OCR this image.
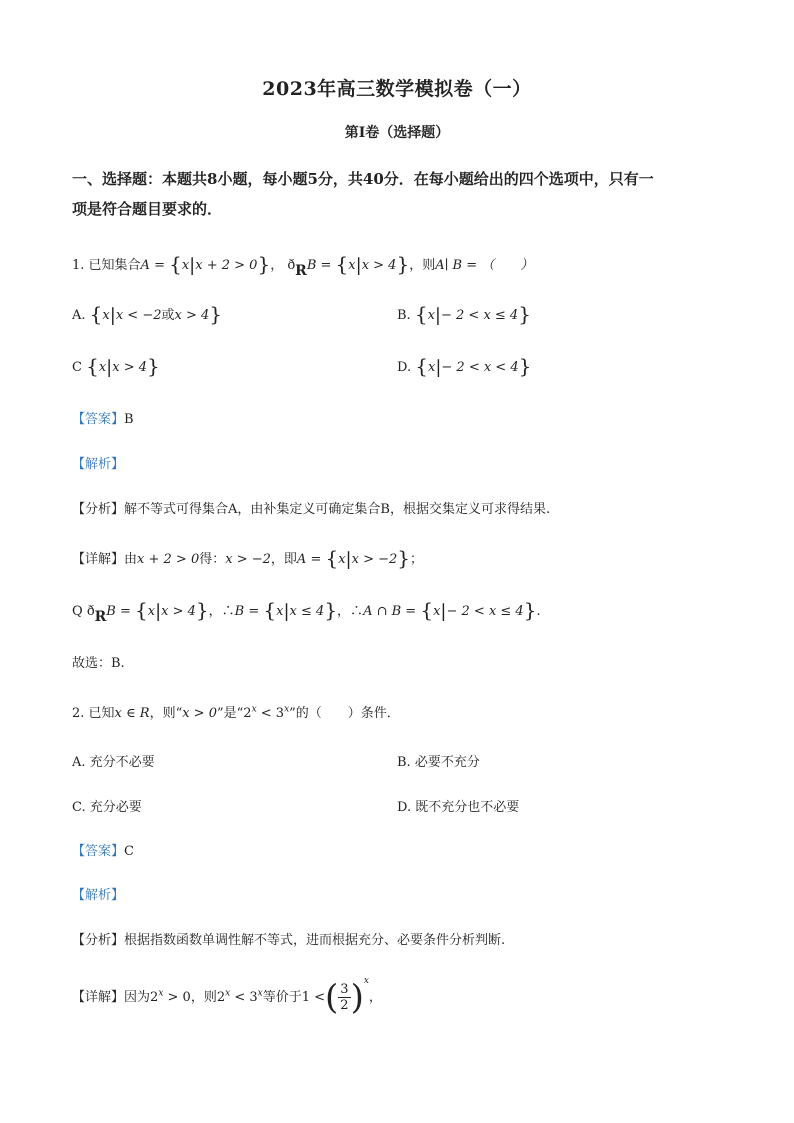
2023年高三数学模拟卷（一）
第Ⅰ卷（选择题）
一、选择题：本题共8小题，每小题5分，共40分．在每小题给出的四个选项中，只有一
项是符合题目要求的．
1. 已知集合A = {x|x + 2 > 0}， ðRB = {x|x > 4}，则A∣ B = （　　）
A. {x|x < −2或x > 4}	B. {x|− 2 < x ≤ 4}
C {x|x > 4}	D. {x|− 2 < x < 4}
【答案】B
【解析】
【分析】解不等式可得集合A，由补集定义可确定集合B，根据交集定义可求得结果.
【详解】由x + 2 > 0得：x > −2，即A = {x|x > −2}；
Q ðRB = {x|x > 4}，∴B = {x|x ≤ 4}，∴A ∩ B = {x|− 2 < x ≤ 4}.
故选：B.
2. 已知x ∈ R，则“x > 0”是“$2^x < 3^x$”的（　　）条件．
A. 充分不必要	B. 必要不充分
C. 充分必要	D. 既不充分也不必要
【答案】C
【解析】
【分析】根据指数函数单调性解不等式，进而根据充分、必要条件分析判断.
【详解】因为$2^x > 0$，则$2^x < 3^x$等价于1 <( $\frac{3}{2} )^x$，
